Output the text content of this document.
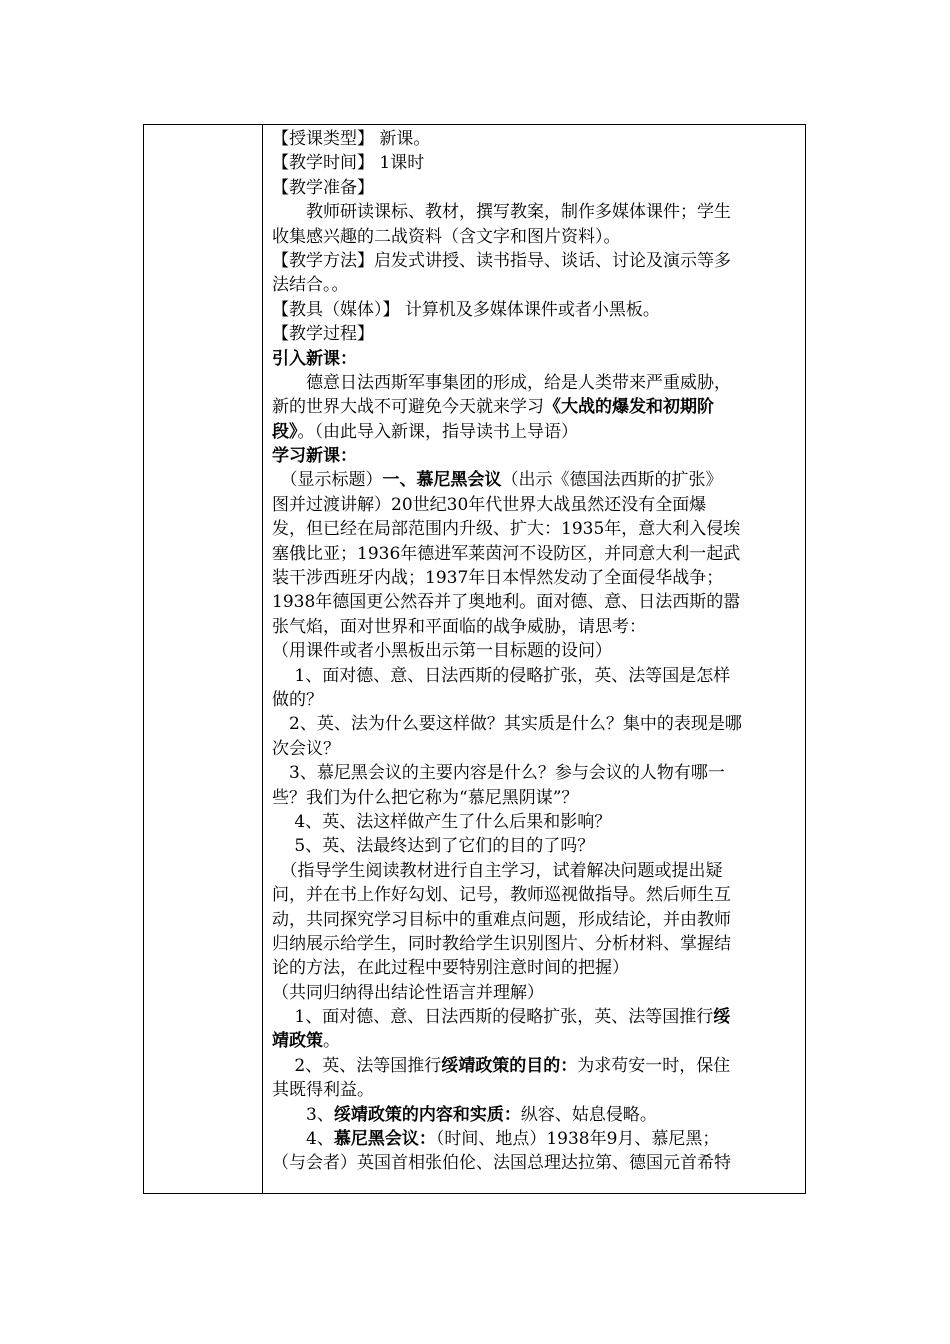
【授课类型】 新课。
【教学时间】 1课时
【教学准备】
　　教师研读课标、教材，撰写教案，制作多媒体课件；学生
收集感兴趣的二战资料（含文字和图片资料）。
【教学方法】启发式讲授、读书指导、谈话、讨论及演示等多
法结合。。
【教具（媒体）】 计算机及多媒体课件或者小黑板。
【教学过程】
引入新课：
　　德意日法西斯军事集团的形成，给是人类带来严重威胁，
新的世界大战不可避免今天就来学习《大战的爆发和初期阶
段》。（由此导入新课，指导读书上导语）
学习新课：
　（显示标题）一、慕尼黑会议（出示《德国法西斯的扩张》
图并过渡讲解）20世纪30年代世界大战虽然还没有全面爆
发，但已经在局部范围内升级、扩大：1935年，意大利入侵埃
塞俄比亚；1936年德进军莱茵河不设防区，并同意大利一起武
装干涉西班牙内战；1937年日本悍然发动了全面侵华战争；
1938年德国更公然吞并了奥地利。面对德、意、日法西斯的嚣
张气焰，面对世界和平面临的战争威胁，请思考：
（用课件或者小黑板出示第一目标题的设问）
　 1、面对德、意、日法西斯的侵略扩张，英、法等国是怎样
做的？
　2、英、法为什么要这样做？其实质是什么？集中的表现是哪
次会议？
　3、慕尼黑会议的主要内容是什么？参与会议的人物有哪一
些？我们为什么把它称为“慕尼黑阴谋”？
　 4、英、法这样做产生了什么后果和影响？
　 5、英、法最终达到了它们的目的了吗？
　（指导学生阅读教材进行自主学习，试着解决问题或提出疑
问，并在书上作好勾划、记号，教师巡视做指导。然后师生互
动，共同探究学习目标中的重难点问题，形成结论，并由教师
归纳展示给学生，同时教给学生识别图片、分析材料、掌握结
论的方法，在此过程中要特别注意时间的把握）
（共同归纳得出结论性语言并理解）
　 1、面对德、意、日法西斯的侵略扩张，英、法等国推行绥
靖政策。
　 2、英、法等国推行绥靖政策的目的：为求苟安一时，保住
其既得利益。
　　3、绥靖政策的内容和实质：纵容、姑息侵略。
　　4、慕尼黑会议：（时间、地点）1938年9月、慕尼黑；
（与会者）英国首相张伯伦、法国总理达拉第、德国元首希特
